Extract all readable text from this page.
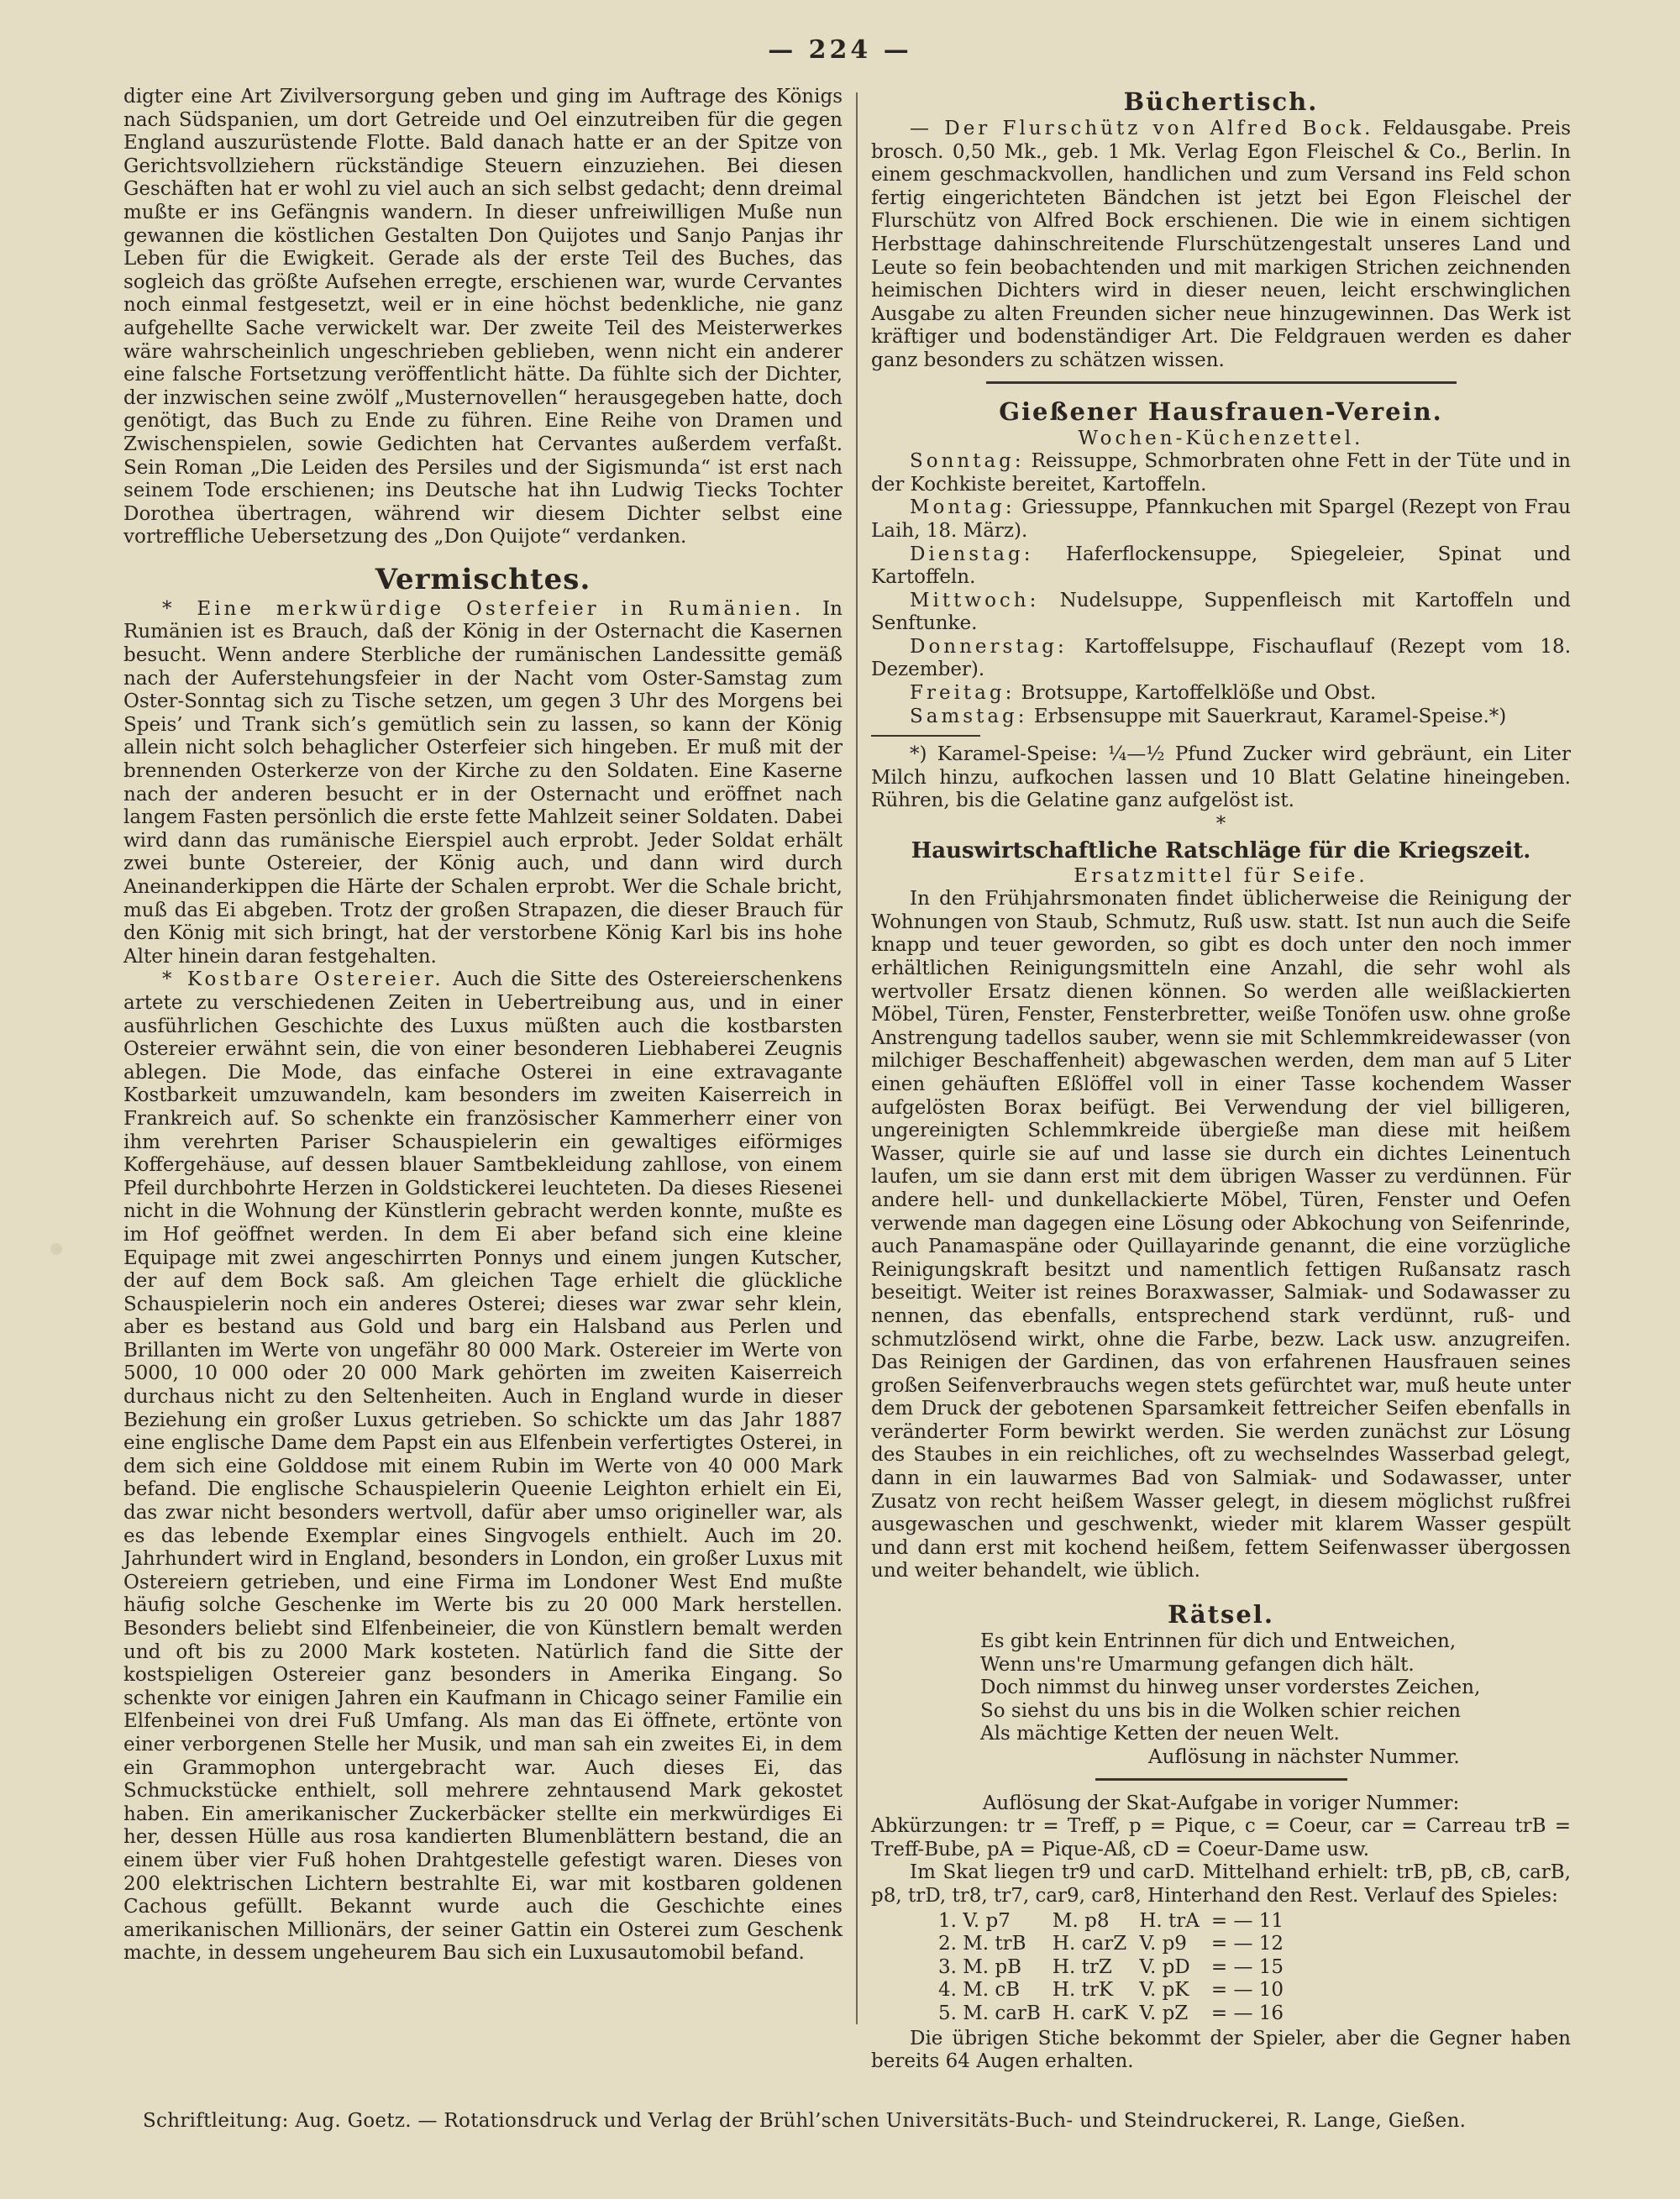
— 224 —

digter eine Art Zivilversorgung geben und ging im Auftrage des Königs nach Südspanien, um dort Getreide und Oel einzutreiben für die gegen England auszurüstende Flotte. Bald danach hatte er an der Spitze von Gerichtsvollziehern rückständige Steuern einzuziehen. Bei diesen Geschäften hat er wohl zu viel auch an sich selbst gedacht; denn dreimal mußte er ins Gefängnis wandern. In dieser unfreiwilligen Muße nun gewannen die köstlichen Gestalten Don Quijotes und Sanjo Panjas ihr Leben für die Ewigkeit. Gerade als der erste Teil des Buches, das sogleich das größte Aufsehen erregte, erschienen war, wurde Cervantes noch einmal festgesetzt, weil er in eine höchst bedenkliche, nie ganz aufgehellte Sache verwickelt war. Der zweite Teil des Meisterwerkes wäre wahrscheinlich ungeschrieben geblieben, wenn nicht ein anderer eine falsche Fortsetzung veröffentlicht hätte. Da fühlte sich der Dichter, der inzwischen seine zwölf „Musternovellen“ herausgegeben hatte, doch genötigt, das Buch zu Ende zu führen. Eine Reihe von Dramen und Zwischenspielen, sowie Gedichten hat Cervantes außerdem verfaßt. Sein Roman „Die Leiden des Persiles und der Sigismunda“ ist erst nach seinem Tode erschienen; ins Deutsche hat ihn Ludwig Tiecks Tochter Dorothea übertragen, während wir diesem Dichter selbst eine vortreffliche Uebersetzung des „Don Quijote“ verdanken.

Vermischtes.

* Eine merkwürdige Osterfeier in Rumänien. In Rumänien ist es Brauch, daß der König in der Osternacht die Kasernen besucht. Wenn andere Sterbliche der rumänischen Landessitte gemäß nach der Auferstehungsfeier in der Nacht vom Oster-Samstag zum Oster-Sonntag sich zu Tische setzen, um gegen 3 Uhr des Morgens bei Speis’ und Trank sich’s gemütlich sein zu lassen, so kann der König allein nicht solch behaglicher Osterfeier sich hingeben. Er muß mit der brennenden Osterkerze von der Kirche zu den Soldaten. Eine Kaserne nach der anderen besucht er in der Osternacht und eröffnet nach langem Fasten persönlich die erste fette Mahlzeit seiner Soldaten. Dabei wird dann das rumänische Eierspiel auch erprobt. Jeder Soldat erhält zwei bunte Ostereier, der König auch, und dann wird durch Aneinanderkippen die Härte der Schalen erprobt. Wer die Schale bricht, muß das Ei abgeben. Trotz der großen Strapazen, die dieser Brauch für den König mit sich bringt, hat der verstorbene König Karl bis ins hohe Alter hinein daran festgehalten.

* Kostbare Ostereier. Auch die Sitte des Ostereierschenkens artete zu verschiedenen Zeiten in Uebertreibung aus, und in einer ausführlichen Geschichte des Luxus müßten auch die kostbarsten Ostereier erwähnt sein, die von einer besonderen Liebhaberei Zeugnis ablegen. Die Mode, das einfache Osterei in eine extravagante Kostbarkeit umzuwandeln, kam besonders im zweiten Kaiserreich in Frankreich auf. So schenkte ein französischer Kammerherr einer von ihm verehrten Pariser Schauspielerin ein gewaltiges eiförmiges Koffergehäuse, auf dessen blauer Samtbekleidung zahllose, von einem Pfeil durchbohrte Herzen in Goldstickerei leuchteten. Da dieses Riesenei nicht in die Wohnung der Künstlerin gebracht werden konnte, mußte es im Hof geöffnet werden. In dem Ei aber befand sich eine kleine Equipage mit zwei angeschirrten Ponnys und einem jungen Kutscher, der auf dem Bock saß. Am gleichen Tage erhielt die glückliche Schauspielerin noch ein anderes Osterei; dieses war zwar sehr klein, aber es bestand aus Gold und barg ein Halsband aus Perlen und Brillanten im Werte von ungefähr 80 000 Mark. Ostereier im Werte von 5000, 10 000 oder 20 000 Mark gehörten im zweiten Kaiserreich durchaus nicht zu den Seltenheiten. Auch in England wurde in dieser Beziehung ein großer Luxus getrieben. So schickte um das Jahr 1887 eine englische Dame dem Papst ein aus Elfenbein verfertigtes Osterei, in dem sich eine Golddose mit einem Rubin im Werte von 40 000 Mark befand. Die englische Schauspielerin Queenie Leighton erhielt ein Ei, das zwar nicht besonders wertvoll, dafür aber umso origineller war, als es das lebende Exemplar eines Singvogels enthielt. Auch im 20. Jahrhundert wird in England, besonders in London, ein großer Luxus mit Ostereiern getrieben, und eine Firma im Londoner West End mußte häufig solche Geschenke im Werte bis zu 20 000 Mark herstellen. Besonders beliebt sind Elfenbeineier, die von Künstlern bemalt werden und oft bis zu 2000 Mark kosteten. Natürlich fand die Sitte der kostspieligen Ostereier ganz besonders in Amerika Eingang. So schenkte vor einigen Jahren ein Kaufmann in Chicago seiner Familie ein Elfenbeinei von drei Fuß Umfang. Als man das Ei öffnete, ertönte von einer verborgenen Stelle her Musik, und man sah ein zweites Ei, in dem ein Grammophon untergebracht war. Auch dieses Ei, das Schmuckstücke enthielt, soll mehrere zehntausend Mark gekostet haben. Ein amerikanischer Zuckerbäcker stellte ein merkwürdiges Ei her, dessen Hülle aus rosa kandierten Blumenblättern bestand, die an einem über vier Fuß hohen Drahtgestelle gefestigt waren. Dieses von 200 elektrischen Lichtern bestrahlte Ei, war mit kostbaren goldenen Cachous gefüllt. Bekannt wurde auch die Geschichte eines amerikanischen Millionärs, der seiner Gattin ein Osterei zum Geschenk machte, in dessem ungeheurem Bau sich ein Luxusautomobil befand.

Büchertisch.

— Der Flurschütz von Alfred Bock. Feldausgabe. Preis brosch. 0,50 Mk., geb. 1 Mk. Verlag Egon Fleischel & Co., Berlin. In einem geschmackvollen, handlichen und zum Versand ins Feld schon fertig eingerichteten Bändchen ist jetzt bei Egon Fleischel der Flurschütz von Alfred Bock erschienen. Die wie in einem sichtigen Herbsttage dahinschreitende Flurschützengestalt unseres Land und Leute so fein beobachtenden und mit markigen Strichen zeichnenden heimischen Dichters wird in dieser neuen, leicht erschwinglichen Ausgabe zu alten Freunden sicher neue hinzugewinnen. Das Werk ist kräftiger und bodenständiger Art. Die Feldgrauen werden es daher ganz besonders zu schätzen wissen.

Gießener Hausfrauen-Verein.

Wochen-Küchenzettel.

Sonntag: Reissuppe, Schmorbraten ohne Fett in der Tüte und in der Kochkiste bereitet, Kartoffeln.

Montag: Griessuppe, Pfannkuchen mit Spargel (Rezept von Frau Laih, 18. März).

Dienstag: Haferflockensuppe, Spiegeleier, Spinat und Kartoffeln.

Mittwoch: Nudelsuppe, Suppenfleisch mit Kartoffeln und Senftunke.

Donnerstag: Kartoffelsuppe, Fischauflauf (Rezept vom 18. Dezember).

Freitag: Brotsuppe, Kartoffelklöße und Obst.

Samstag: Erbsensuppe mit Sauerkraut, Karamel-Speise.*)

*) Karamel-Speise: ¼—½ Pfund Zucker wird gebräunt, ein Liter Milch hinzu, aufkochen lassen und 10 Blatt Gelatine hineingeben. Rühren, bis die Gelatine ganz aufgelöst ist.

*

Hauswirtschaftliche Ratschläge für die Kriegszeit.

Ersatzmittel für Seife.

In den Frühjahrsmonaten findet üblicherweise die Reinigung der Wohnungen von Staub, Schmutz, Ruß usw. statt. Ist nun auch die Seife knapp und teuer geworden, so gibt es doch unter den noch immer erhältlichen Reinigungsmitteln eine Anzahl, die sehr wohl als wertvoller Ersatz dienen können. So werden alle weißlackierten Möbel, Türen, Fenster, Fensterbretter, weiße Tonöfen usw. ohne große Anstrengung tadellos sauber, wenn sie mit Schlemmkreidewasser (von milchiger Beschaffenheit) abgewaschen werden, dem man auf 5 Liter einen gehäuften Eßlöffel voll in einer Tasse kochendem Wasser aufgelösten Borax beifügt. Bei Verwendung der viel billigeren, ungereinigten Schlemmkreide übergieße man diese mit heißem Wasser, quirle sie auf und lasse sie durch ein dichtes Leinentuch laufen, um sie dann erst mit dem übrigen Wasser zu verdünnen. Für andere hell- und dunkellackierte Möbel, Türen, Fenster und Oefen verwende man dagegen eine Lösung oder Abkochung von Seifenrinde, auch Panamaspäne oder Quillayarinde genannt, die eine vorzügliche Reinigungskraft besitzt und namentlich fettigen Rußansatz rasch beseitigt. Weiter ist reines Boraxwasser, Salmiak- und Sodawasser zu nennen, das ebenfalls, entsprechend stark verdünnt, ruß- und schmutzlösend wirkt, ohne die Farbe, bezw. Lack usw. anzugreifen. Das Reinigen der Gardinen, das von erfahrenen Hausfrauen seines großen Seifenverbrauchs wegen stets gefürchtet war, muß heute unter dem Druck der gebotenen Sparsamkeit fettreicher Seifen ebenfalls in veränderter Form bewirkt werden. Sie werden zunächst zur Lösung des Staubes in ein reichliches, oft zu wechselndes Wasserbad gelegt, dann in ein lauwarmes Bad von Salmiak- und Sodawasser, unter Zusatz von recht heißem Wasser gelegt, in diesem möglichst rußfrei ausgewaschen und geschwenkt, wieder mit klarem Wasser gespült und dann erst mit kochend heißem, fettem Seifenwasser übergossen und weiter behandelt, wie üblich.

Rätsel.

Es gibt kein Entrinnen für dich und Entweichen,

Wenn uns're Umarmung gefangen dich hält.

Doch nimmst du hinweg unser vorderstes Zeichen,

So siehst du uns bis in die Wolken schier reichen

Als mächtige Ketten der neuen Welt.

Auflösung in nächster Nummer.

Auflösung der Skat-Aufgabe in voriger Nummer:

Abkürzungen: tr = Treff, p = Pique, c = Coeur, car = Carreau trB = Treff-Bube, pA = Pique-Aß, cD = Coeur-Dame usw.

Im Skat liegen tr9 und carD. Mittelhand erhielt: trB, pB, cB, carB, p8, trD, tr8, tr7, car9, car8, Hinterhand den Rest. Verlauf des Spieles:

1. V. p7	M. p8	H. trA	= — 11
2. M. trB	H. carZ	V. p9	= — 12
3. M. pB	H. trZ	V. pD	= — 15
4. M. cB	H. trK	V. pK	= — 10
5. M. carB	H. carK	V. pZ	= — 16

Die übrigen Stiche bekommt der Spieler, aber die Gegner haben bereits 64 Augen erhalten.

Schriftleitung: Aug. Goetz. — Rotationsdruck und Verlag der Brühl’schen Universitäts-Buch- und Steindruckerei, R. Lange, Gießen.
